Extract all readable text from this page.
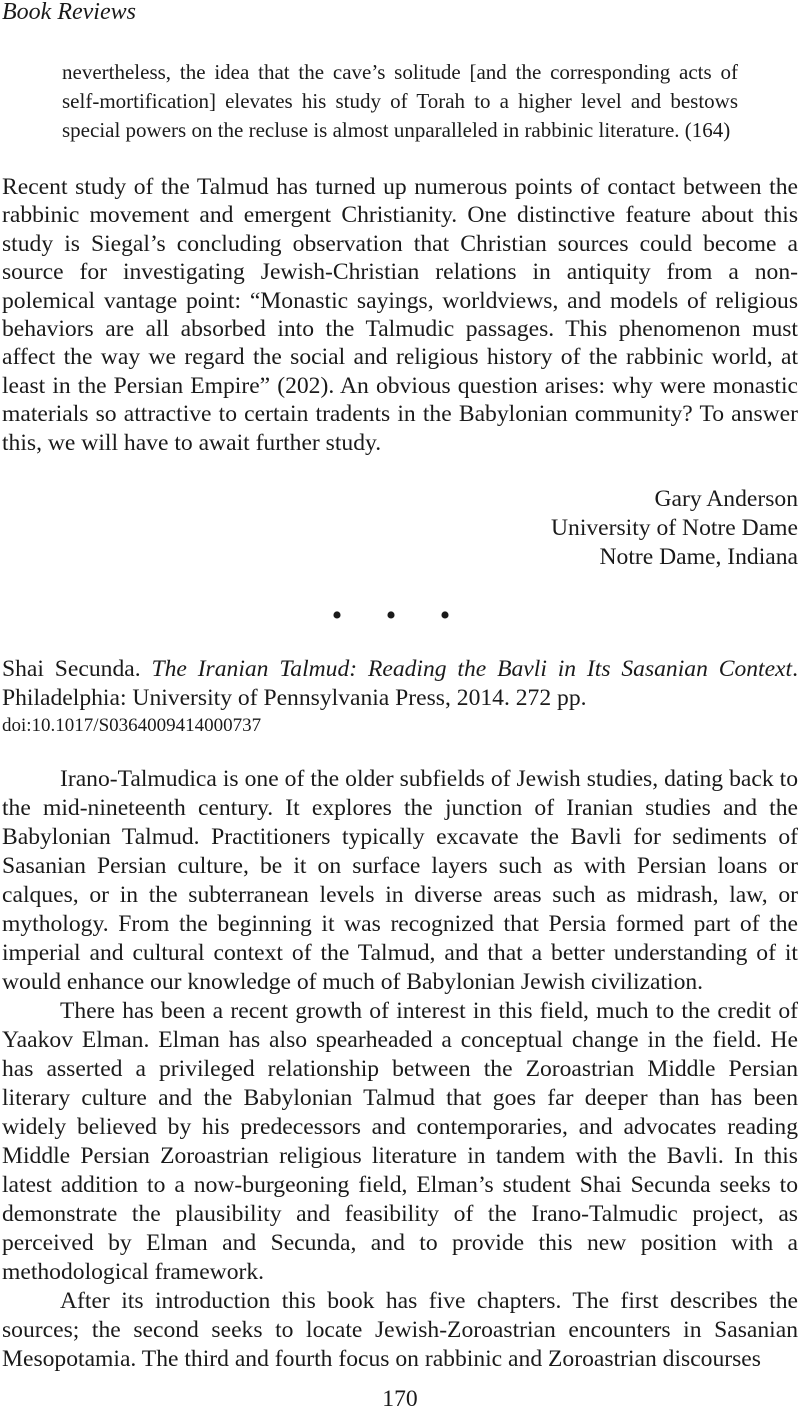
Book Reviews
nevertheless, the idea that the cave’s solitude [and the corresponding acts of self-mortification] elevates his study of Torah to a higher level and bestows special powers on the recluse is almost unparalleled in rabbinic literature. (164)
Recent study of the Talmud has turned up numerous points of contact between the rabbinic movement and emergent Christianity. One distinctive feature about this study is Siegal’s concluding observation that Christian sources could become a source for investigating Jewish-Christian relations in antiquity from a non-polemical vantage point: “Monastic sayings, worldviews, and models of religious behaviors are all absorbed into the Talmudic passages. This phenomenon must affect the way we regard the social and religious history of the rabbinic world, at least in the Persian Empire” (202). An obvious question arises: why were monastic materials so attractive to certain tradents in the Babylonian community? To answer this, we will have to await further study.
Gary Anderson
University of Notre Dame
Notre Dame, Indiana
• • •
Shai Secunda. The Iranian Talmud: Reading the Bavli in Its Sasanian Context. Philadelphia: University of Pennsylvania Press, 2014. 272 pp.
doi:10.1017/S0364009414000737

Irano-Talmudica is one of the older subfields of Jewish studies, dating back to the mid-nineteenth century. It explores the junction of Iranian studies and the Babylonian Talmud. Practitioners typically excavate the Bavli for sediments of Sasanian Persian culture, be it on surface layers such as with Persian loans or calques, or in the subterranean levels in diverse areas such as midrash, law, or mythology. From the beginning it was recognized that Persia formed part of the imperial and cultural context of the Talmud, and that a better understanding of it would enhance our knowledge of much of Babylonian Jewish civilization.

There has been a recent growth of interest in this field, much to the credit of Yaakov Elman. Elman has also spearheaded a conceptual change in the field. He has asserted a privileged relationship between the Zoroastrian Middle Persian literary culture and the Babylonian Talmud that goes far deeper than has been widely believed by his predecessors and contemporaries, and advocates reading Middle Persian Zoroastrian religious literature in tandem with the Bavli. In this latest addition to a now-burgeoning field, Elman’s student Shai Secunda seeks to demonstrate the plausibility and feasibility of the Irano-Talmudic project, as perceived by Elman and Secunda, and to provide this new position with a methodological framework.

After its introduction this book has five chapters. The first describes the sources; the second seeks to locate Jewish-Zoroastrian encounters in Sasanian Mesopotamia. The third and fourth focus on rabbinic and Zoroastrian discourses

170
